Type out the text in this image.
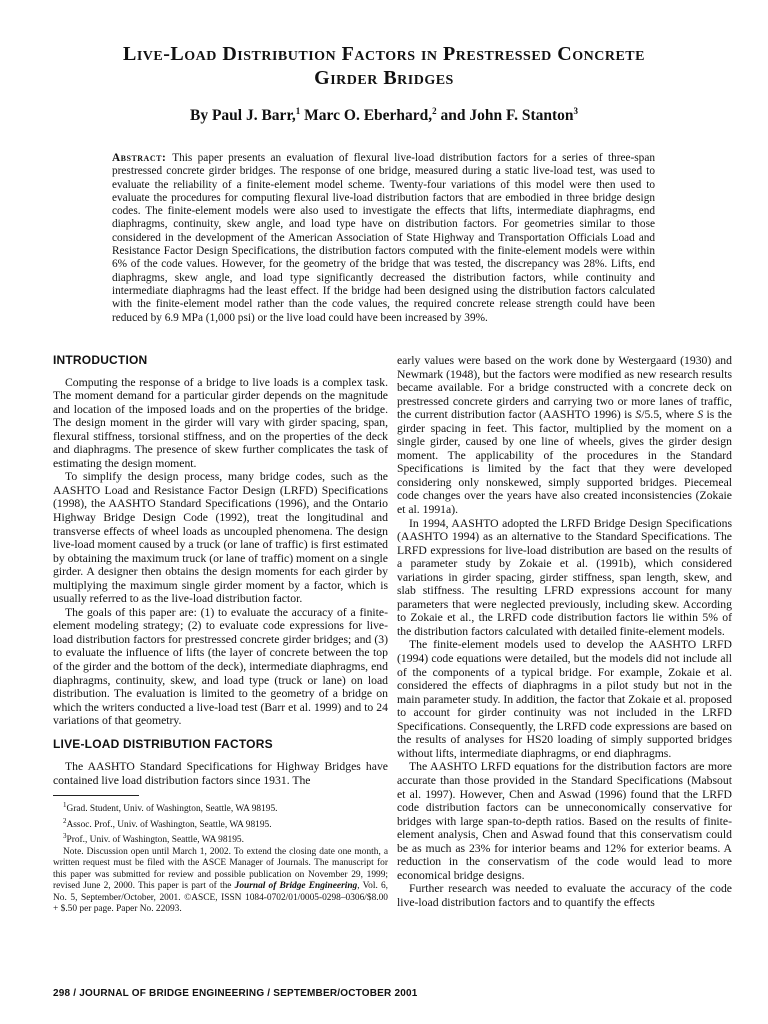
Live-Load Distribution Factors in Prestressed Concrete
Girder Bridges
By Paul J. Barr,$^1$ Marc O. Eberhard,$^2$ and John F. Stanton$^3$
Abstract: This paper presents an evaluation of flexural live-load distribution factors for a series of three-span prestressed concrete girder bridges. The response of one bridge, measured during a static live-load test, was used to evaluate the reliability of a finite-element model scheme. Twenty-four variations of this model were then used to evaluate the procedures for computing flexural live-load distribution factors that are embodied in three bridge design codes. The finite-element models were also used to investigate the effects that lifts, intermediate diaphragms, end diaphragms, continuity, skew angle, and load type have on distribution factors. For geometries similar to those considered in the development of the American Association of State Highway and Transportation Officials Load and Resistance Factor Design Specifications, the distribution factors computed with the finite-element models were within 6% of the code values. However, for the geometry of the bridge that was tested, the discrepancy was 28%. Lifts, end diaphragms, skew angle, and load type significantly decreased the distribution factors, while continuity and intermediate diaphragms had the least effect. If the bridge had been designed using the distribution factors calculated with the finite-element model rather than the code values, the required concrete release strength could have been reduced by 6.9 MPa (1,000 psi) or the live load could have been increased by 39%.
INTRODUCTION

Computing the response of a bridge to live loads is a complex task. The moment demand for a particular girder depends on the magnitude and location of the imposed loads and on the properties of the bridge. The design moment in the girder will vary with girder spacing, span, flexural stiffness, torsional stiffness, and on the properties of the deck and diaphragms. The presence of skew further complicates the task of estimating the design moment.

To simplify the design process, many bridge codes, such as the AASHTO Load and Resistance Factor Design (LRFD) Specifications (1998), the AASHTO Standard Specifications (1996), and the Ontario Highway Bridge Design Code (1992), treat the longitudinal and transverse effects of wheel loads as uncoupled phenomena. The design live-load moment caused by a truck (or lane of traffic) is first estimated by obtaining the maximum truck (or lane of traffic) moment on a single girder. A designer then obtains the design moments for each girder by multiplying the maximum single girder moment by a factor, which is usually referred to as the live-load distribution factor.

The goals of this paper are: (1) to evaluate the accuracy of a finite-element modeling strategy; (2) to evaluate code expressions for live-load distribution factors for prestressed concrete girder bridges; and (3) to evaluate the influence of lifts (the layer of concrete between the top of the girder and the bottom of the deck), intermediate diaphragms, end diaphragms, continuity, skew, and load type (truck or lane) on load distribution. The evaluation is limited to the geometry of a bridge on which the writers conducted a live-load test (Barr et al. 1999) and to 24 variations of that geometry.

LIVE-LOAD DISTRIBUTION FACTORS

The AASHTO Standard Specifications for Highway Bridges have contained live load distribution factors since 1931. The

$^1$Grad. Student, Univ. of Washington, Seattle, WA 98195.

$^2$Assoc. Prof., Univ. of Washington, Seattle, WA 98195.

$^3$Prof., Univ. of Washington, Seattle, WA 98195.

Note. Discussion open until March 1, 2002. To extend the closing date one month, a written request must be filed with the ASCE Manager of Journals. The manuscript for this paper was submitted for review and possible publication on November 29, 1999; revised June 2, 2000. This paper is part of the Journal of Bridge Engineering, Vol. 6, No. 5, September/October, 2001. ©ASCE, ISSN 1084-0702/01/0005-0298–0306/$8.00 + $.50 per page. Paper No. 22093.

early values were based on the work done by Westergaard (1930) and Newmark (1948), but the factors were modified as new research results became available. For a bridge constructed with a concrete deck on prestressed concrete girders and carrying two or more lanes of traffic, the current distribution factor (AASHTO 1996) is S/5.5, where S is the girder spacing in feet. This factor, multiplied by the moment on a single girder, caused by one line of wheels, gives the girder design moment. The applicability of the procedures in the Standard Specifications is limited by the fact that they were developed considering only nonskewed, simply supported bridges. Piecemeal code changes over the years have also created inconsistencies (Zokaie et al. 1991a).

In 1994, AASHTO adopted the LRFD Bridge Design Specifications (AASHTO 1994) as an alternative to the Standard Specifications. The LRFD expressions for live-load distribution are based on the results of a parameter study by Zokaie et al. (1991b), which considered variations in girder spacing, girder stiffness, span length, skew, and slab stiffness. The resulting LFRD expressions account for many parameters that were neglected previously, including skew. According to Zokaie et al., the LRFD code distribution factors lie within 5% of the distribution factors calculated with detailed finite-element models.

The finite-element models used to develop the AASHTO LRFD (1994) code equations were detailed, but the models did not include all of the components of a typical bridge. For example, Zokaie et al. considered the effects of diaphragms in a pilot study but not in the main parameter study. In addition, the factor that Zokaie et al. proposed to account for girder continuity was not included in the LRFD Specifications. Consequently, the LRFD code expressions are based on the results of analyses for HS20 loading of simply supported bridges without lifts, intermediate diaphragms, or end diaphragms.

The AASHTO LRFD equations for the distribution factors are more accurate than those provided in the Standard Specifications (Mabsout et al. 1997). However, Chen and Aswad (1996) found that the LRFD code distribution factors can be unneconomically conservative for bridges with large span-to-depth ratios. Based on the results of finite-element analysis, Chen and Aswad found that this conservatism could be as much as 23% for interior beams and 12% for exterior beams. A reduction in the conservatism of the code would lead to more economical bridge designs.

Further research was needed to evaluate the accuracy of the code live-load distribution factors and to quantify the effects

298 / JOURNAL OF BRIDGE ENGINEERING / SEPTEMBER/OCTOBER 2001
